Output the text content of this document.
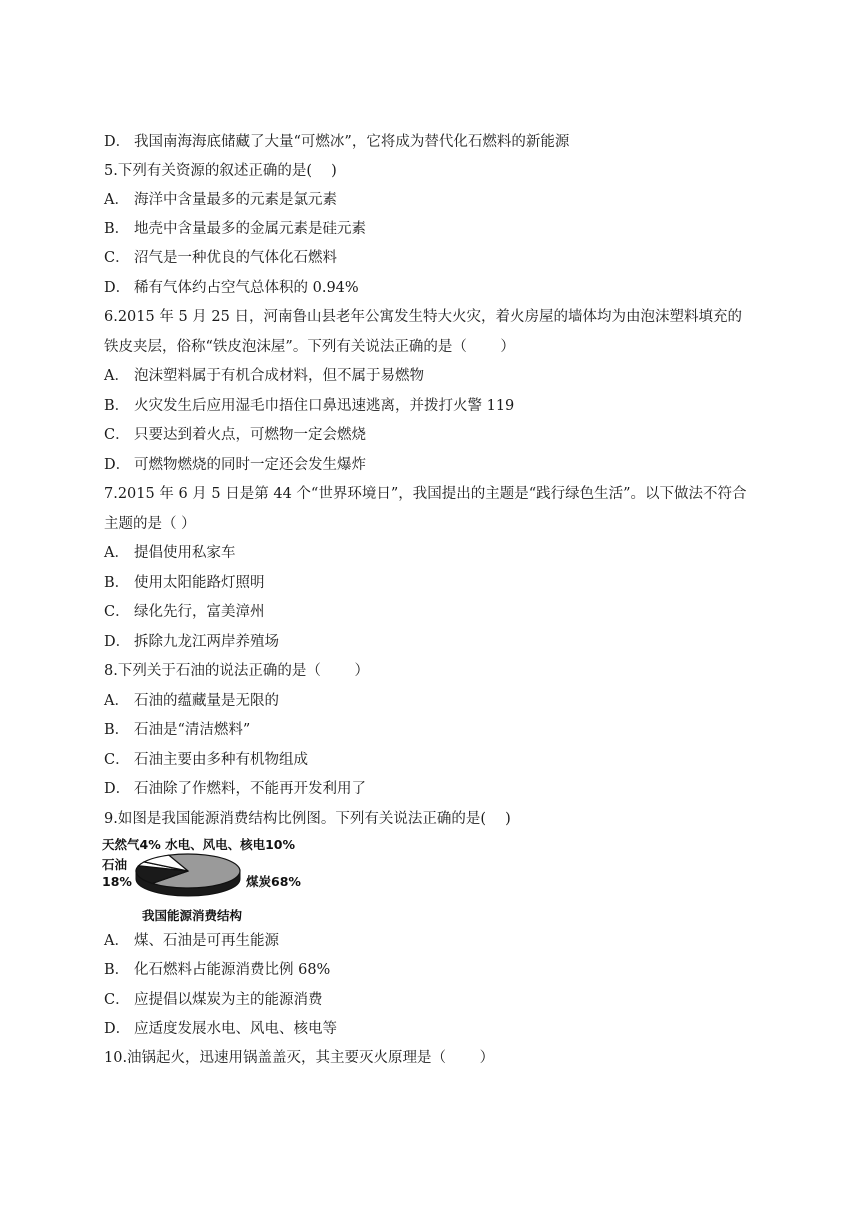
D． 我国南海海底储藏了大量“可燃冰”，它将成为替代化石燃料的新能源
5.下列有关资源的叙述正确的是(　 )
A． 海洋中含量最多的元素是氯元素
B． 地壳中含量最多的金属元素是硅元素
C． 沼气是一种优良的气体化石燃料
D． 稀有气体约占空气总体积的 0.94%
6.2015 年 5 月 25 日，河南鲁山县老年公寓发生特大火灾，着火房屋的墙体均为由泡沫塑料填充的
铁皮夹层，俗称“铁皮泡沫屋”。下列有关说法正确的是（　　 ）
A． 泡沫塑料属于有机合成材料，但不属于易燃物
B． 火灾发生后应用湿毛巾捂住口鼻迅速逃离，并拨打火警 119
C． 只要达到着火点，可燃物一定会燃烧
D． 可燃物燃烧的同时一定还会发生爆炸
7.2015 年 6 月 5 日是第 44 个“世界环境日”，我国提出的主题是“践行绿色生活”。以下做法不符合
主题的是（ ）
A． 提倡使用私家车
B． 使用太阳能路灯照明
C． 绿化先行，富美漳州
D． 拆除九龙江两岸养殖场
8.下列关于石油的说法正确的是（　　 ）
A． 石油的蕴藏量是无限的
B． 石油是“清洁燃料”
C． 石油主要由多种有机物组成
D． 石油除了作燃料，不能再开发利用了
9.如图是我国能源消费结构比例图。下列有关说法正确的是(　 )
A． 煤、石油是可再生能源
B． 化石燃料占能源消费比例 68%
C． 应提倡以煤炭为主的能源消费
D． 应适度发展水电、风电、核电等
10.油锅起火，迅速用锅盖盖灭，其主要灭火原理是（　　 ）
天然气4% 水电、风电、核电10%
石油
18%	煤炭68%
我国能源消费结构
